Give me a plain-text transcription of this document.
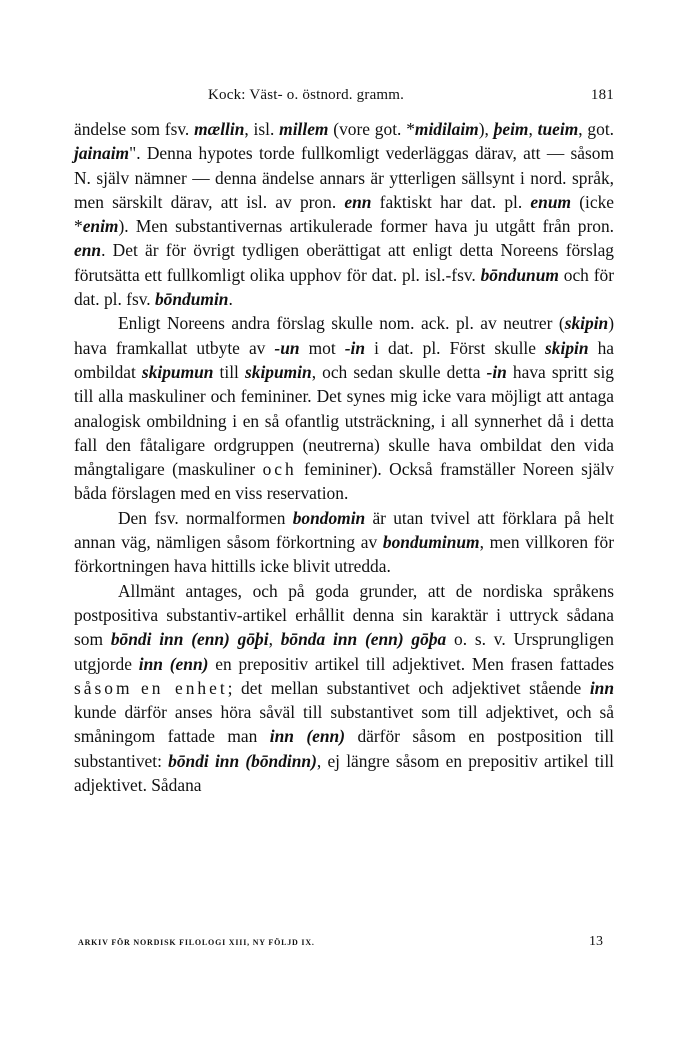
Kock: Väst- o. östnord. gramm.	181

ändelse som fsv. mællin, isl. millem (vore got. *midilaim), þeim, tueim, got. jainaim". Denna hypotes torde fullkomligt vederläggas därav, att — såsom N. själv nämner — denna ändelse annars är ytterligen sällsynt i nord. språk, men särskilt därav, att isl. av pron. enn faktiskt har dat. pl. enum (icke *enim). Men substantivernas artikulerade former hava ju utgått från pron. enn. Det är för övrigt tydligen oberättigat att enligt detta Noreens förslag förutsätta ett fullkomligt olika upphov för dat. pl. isl.-fsv. bōndunum och för dat. pl. fsv. bōndumin.

Enligt Noreens andra förslag skulle nom. ack. pl. av neutrer (skipin) hava framkallat utbyte av -un mot -in i dat. pl. Först skulle skipin ha ombildat skipumun till skipumin, och sedan skulle detta -in hava spritt sig till alla maskuliner och femininer. Det synes mig icke vara möjligt att antaga analogisk ombildning i en så ofantlig utsträckning, i all synnerhet då i detta fall den fåtaligare ordgruppen (neutrerna) skulle hava ombildat den vida mångtaligare (maskuliner och femininer). Också framställer Noreen själv båda förslagen med en viss reservation.

Den fsv. normalformen bondomin är utan tvivel att förklara på helt annan väg, nämligen såsom förkortning av bonduminum, men villkoren för förkortningen hava hittills icke blivit utredda.

Allmänt antages, och på goda grunder, att de nordiska språkens postpositiva substantiv-artikel erhållit denna sin karaktär i uttryck sådana som bōndi inn (enn) gōþi, bōnda inn (enn) gōþa o. s. v. Ursprungligen utgjorde inn (enn) en prepositiv artikel till adjektivet. Men frasen fattades såsom en enhet; det mellan substantivet och adjektivet stående inn kunde därför anses höra såväl till substantivet som till adjektivet, och så småningom fattade man inn (enn) därför såsom en postposition till substantivet: bōndi inn (bōndinn), ej längre såsom en prepositiv artikel till adjektivet. Sådana

ARKIV FÖR NORDISK FILOLOGI XIII, NY FÖLJD IX.	13
